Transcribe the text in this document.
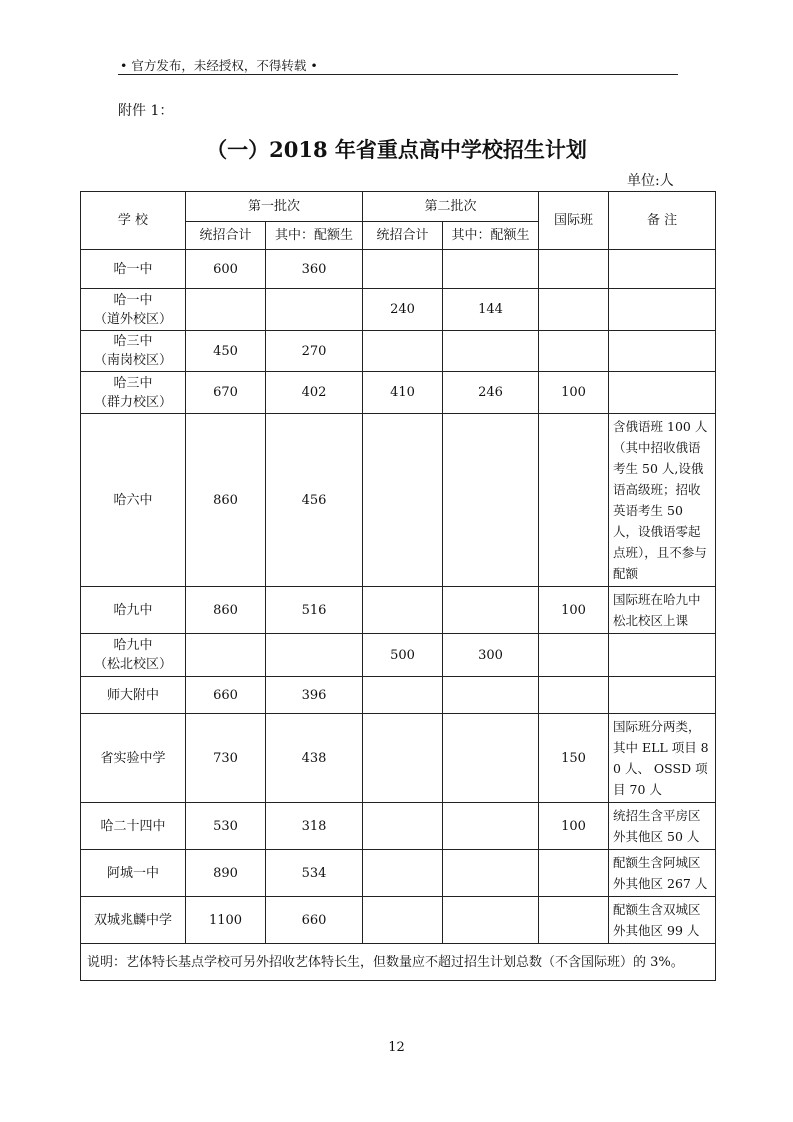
• 官方发布，未经授权，不得转载 •
附件 1：
（一）2018 年省重点高中学校招生计划
单位:人
学 校	第一批次		第二批次		国际班	备 注
	统招合计	其中：配额生	统招合计	其中：配额生		

哈一中	600	360				

哈一中
（道外校区）			240	144		

哈三中
（南岗校区）	450	270				

哈三中
（群力校区）	670	402	410	246	100	

哈六中	860	456				含俄语班 100 人（其中招收俄语考生 50 人,设俄语高级班；招收英语考生 50 人，设俄语零起点班），且不参与配额

哈九中	860	516			100	国际班在哈九中松北校区上课

哈九中
（松北校区）			500	300		

师大附中	660	396				

省实验中学	730	438			150	国际班分两类，其中 ELL 项目 80 人、 OSSD 项目 70 人

哈二十四中	530	318			100	统招生含平房区外其他区 50 人

阿城一中	890	534				配额生含阿城区外其他区 267 人

双城兆麟中学	1100	660				配额生含双城区外其他区 99 人
说明：艺体特长基点学校可另外招收艺体特长生，但数量应不超过招生计划总数（不含国际班）的 3%。						
12
